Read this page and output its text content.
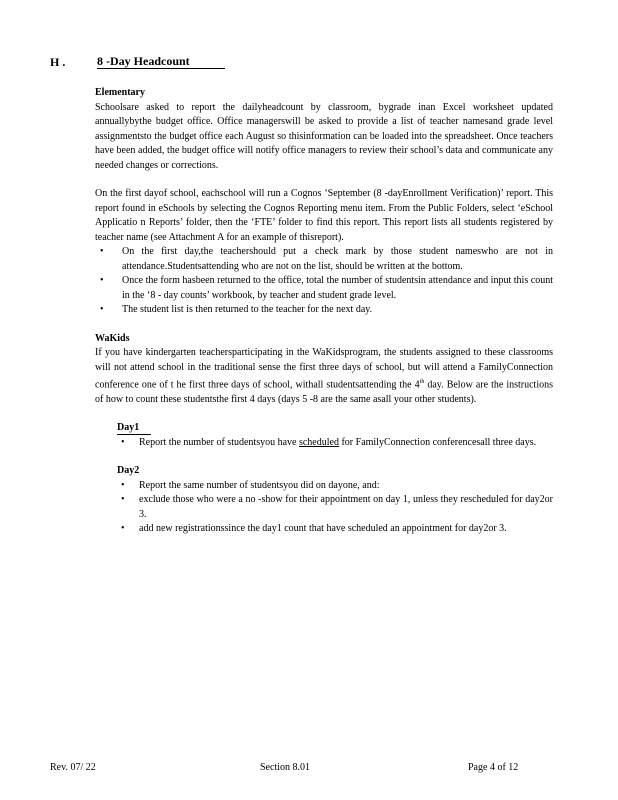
H .	8 -Day Headcount
Elementary

Schoolsare asked to report the dailyheadcount by classroom, bygrade inan Excel worksheet updated annuallybythe budget office. Office managerswill be asked to provide a list of teacher namesand grade level assignmentsto the budget office each August so thisinformation can be loaded into the spreadsheet. Once teachers have been added, the budget office will notify office managers to review their school’s data and communicate any needed changes or corrections.

On the first dayof school, eachschool will run a Cognos ‘September (8 -dayEnrollment Verification)’ report. This report found in eSchools by selecting the Cognos Reporting menu item. From the Public Folders, select ‘eSchool Applicatio n Reports’ folder, then the ‘FTE’ folder to find this report. This report lists all students registered by teacher name (see Attachment A for an example of thisreport).

• On the first day,the teachershould put a check mark by those student nameswho are not in attendance.Studentsattending who are not on the list, should be written at the bottom.
• Once the form hasbeen returned to the office, total the number of studentsin attendance and input this count in the ‘8 - day counts’ workbook, by teacher and student grade level.
• The student list is then returned to the teacher for the next day.
WaKids

If you have kindergarten teachersparticipating in the WaKidsprogram, the students assigned to these classrooms will not attend school in the traditional sense the first three days of school, but will attend a FamilyConnection conference one of t he first three days of school, withall studentsattending the 4th day. Below are the instructions of how to count these studentsthe first 4 days (days 5 -8 are the same asall your other students).

Day1
• Report the number of studentsyou have scheduled for FamilyConnection conferencesall three days.
Day2
• Report the same number of studentsyou did on dayone, and:
• exclude those who were a no -show for their appointment on day 1, unless they rescheduled for day2or 3.
• add new registrationssince the day1 count that have scheduled an appointment for day2or 3.
Rev. 07/ 22	Section 8.01	Page 4 of 12
